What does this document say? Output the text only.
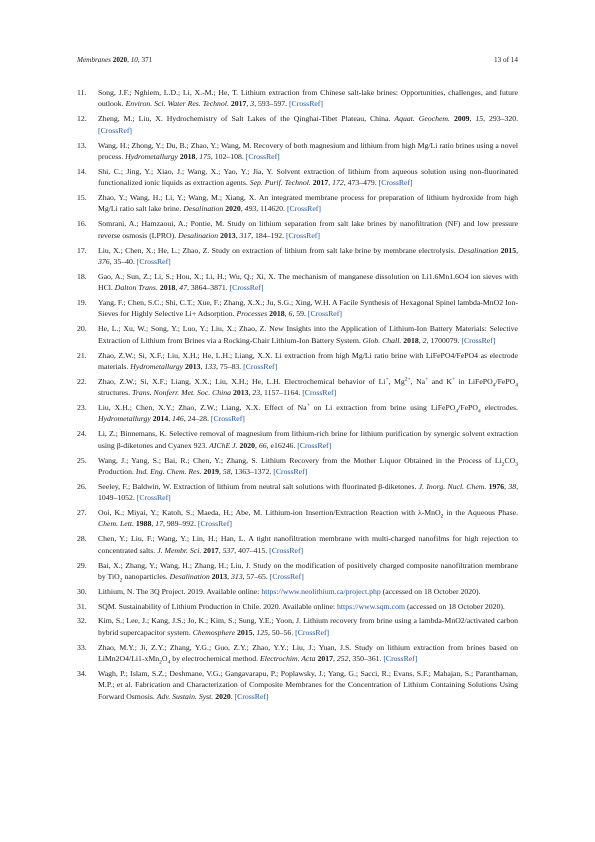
Membranes 2020, 10, 371	13 of 14
11. Song, J.F.; Nghiem, L.D.; Li, X.-M.; He, T. Lithium extraction from Chinese salt-lake brines: Opportunities, challenges, and future outlook. Environ. Sci. Water Res. Technol. 2017, 3, 593–597. [CrossRef]
12. Zheng, M.; Liu, X. Hydrochemistry of Salt Lakes of the Qinghai-Tibet Plateau, China. Aquat. Geochem. 2009, 15, 293–320. [CrossRef]
13. Wang, H.; Zhong, Y.; Du, B.; Zhao, Y.; Wang, M. Recovery of both magnesium and lithium from high Mg/Li ratio brines using a novel process. Hydrometallurgy 2018, 175, 102–108. [CrossRef]
14. Shi, C.; Jing, Y.; Xiao, J.; Wang, X.; Yao, Y.; Jia, Y. Solvent extraction of lithium from aqueous solution using non-fluorinated functionalized ionic liquids as extraction agents. Sep. Purif. Technol. 2017, 172, 473–479. [CrossRef]
15. Zhao, Y.; Wang, H.; Li, Y.; Wang, M.; Xiang, X. An integrated membrane process for preparation of lithium hydroxide from high Mg/Li ratio salt lake brine. Desalination 2020, 493, 114620. [CrossRef]
16. Somrani, A.; Hamzaoui, A.; Pontie, M. Study on lithium separation from salt lake brines by nanofiltration (NF) and low pressure reverse osmosis (LPRO). Desalination 2013, 317, 184–192. [CrossRef]
17. Liu, X.; Chen, X.; He, L.; Zhao, Z. Study on extraction of lithium from salt lake brine by membrane electrolysis. Desalination 2015, 376, 35–40. [CrossRef]
18. Gao, A.; Sun, Z.; Li, S.; Hou, X.; Li, H.; Wu, Q.; Xi, X. The mechanism of manganese dissolution on Li1.6Mn1.6O4 ion sieves with HCl. Dalton Trans. 2018, 47, 3864–3871. [CrossRef]
19. Yang, F.; Chen, S.C.; Shi, C.T.; Xue, F.; Zhang, X.X.; Ju, S.G.; Xing, W.H. A Facile Synthesis of Hexagonal Spinel lambda-MnO2 Ion-Sieves for Highly Selective Li+ Adsorption. Processes 2018, 6, 59. [CrossRef]
20. He, L.; Xu, W.; Song, Y.; Luo, Y.; Liu, X.; Zhao, Z. New Insights into the Application of Lithium-Ion Battery Materials: Selective Extraction of Lithium from Brines via a Rocking-Chair Lithium-Ion Battery System. Glob. Chall. 2018, 2, 1700079. [CrossRef]
21. Zhao, Z.W.; Si, X.F.; Liu, X.H.; He, L.H.; Liang, X.X. Li extraction from high Mg/Li ratio brine with LiFePO4/FePO4 as electrode materials. Hydrometallurgy 2013, 133, 75–83. [CrossRef]
22. Zhao, Z.W.; Si, X.F.; Liang, X.X.; Liu, X.H.; He, L.H. Electrochemical behavior of Li+, $Mg^{2+}$, Na+ and K+ in LiFePO$_4$/FePO$_4$ structures. Trans. Nonferr. Met. Soc. China 2013, 23, 1157–1164. [CrossRef]
23. Liu, X.H.; Chen, X.Y.; Zhao, Z.W.; Liang, X.X. Effect of Na+ on Li extraction from brine using LiFePO$_4$/FePO$_4$ electrodes. Hydrometallurgy 2014, 146, 24–28. [CrossRef]
24. Li, Z.; Binnemans, K. Selective removal of magnesium from lithium-rich brine for lithium purification by synergic solvent extraction using β-diketones and Cyanex 923. AIChE J. 2020, 66, e16246. [CrossRef]
25. Wang, J.; Yang, S.; Bai, R.; Chen, Y.; Zhang, S. Lithium Recovery from the Mother Liquor Obtained in the Process of $Li_2CO_3$ Production. Ind. Eng. Chem. Res. 2019, 58, 1363–1372. [CrossRef]
26. Seeley, F.; Baldwin, W. Extraction of lithium from neutral salt solutions with fluorinated β-diketones. J. Inorg. Nucl. Chem. 1976, 38, 1049–1052. [CrossRef]
27. Ooi, K.; Miyai, Y.; Katoh, S.; Maeda, H.; Abe, M. Lithium-ion Insertion/Extraction Reaction with λ-MnO$_2$ in the Aqueous Phase. Chem. Lett. 1988, 17, 989–992. [CrossRef]
28. Chen, Y.; Liu, F.; Wang, Y.; Lin, H.; Han, L. A tight nanofiltration membrane with multi-charged nanofilms for high rejection to concentrated salts. J. Membr. Sci. 2017, 537, 407–415. [CrossRef]
29. Bai, X.; Zhang, Y.; Wang, H.; Zhang, H.; Liu, J. Study on the modification of positively charged composite nanofiltration membrane by TiO$_2$ nanoparticles. Desalination 2013, 313, 57–65. [CrossRef]
30. Lithium, N. The 3Q Project. 2019. Available online: https://www.neolithium.ca/project.php (accessed on 18 October 2020).
31. SQM. Sustainability of Lithium Production in Chile. 2020. Available online: https://www.sqm.com (accessed on 18 October 2020).
32. Kim, S.; Lee, J.; Kang, J.S.; Jo, K.; Kim, S.; Sung, Y.E.; Yoon, J. Lithium recovery from brine using a lambda-MnO2/activated carbon hybrid supercapacitor system. Chemosphere 2015, 125, 50–56. [CrossRef]
33. Zhao, M.Y.; Ji, Z.Y.; Zhang, Y.G.; Guo, Z.Y.; Zhao, Y.Y.; Liu, J.; Yuan, J.S. Study on lithium extraction from brines based on $LiMn2O4/Li1-xMn_2O_4$ by electrochemical method. Electrochim. Acta 2017, 252, 350–361. [CrossRef]
34. Wagh, P.; Islam, S.Z.; Deshmane, V.G.; Gangavarapu, P.; Poplawsky, J.; Yang, G.; Sacci, R.; Evans, S.F.; Mahajan, S.; Paranthaman, M.P.; et al. Fabrication and Characterization of Composite Membranes for the Concentration of Lithium Containing Solutions Using Forward Osmosis. Adv. Sustain. Syst. 2020. [CrossRef]
